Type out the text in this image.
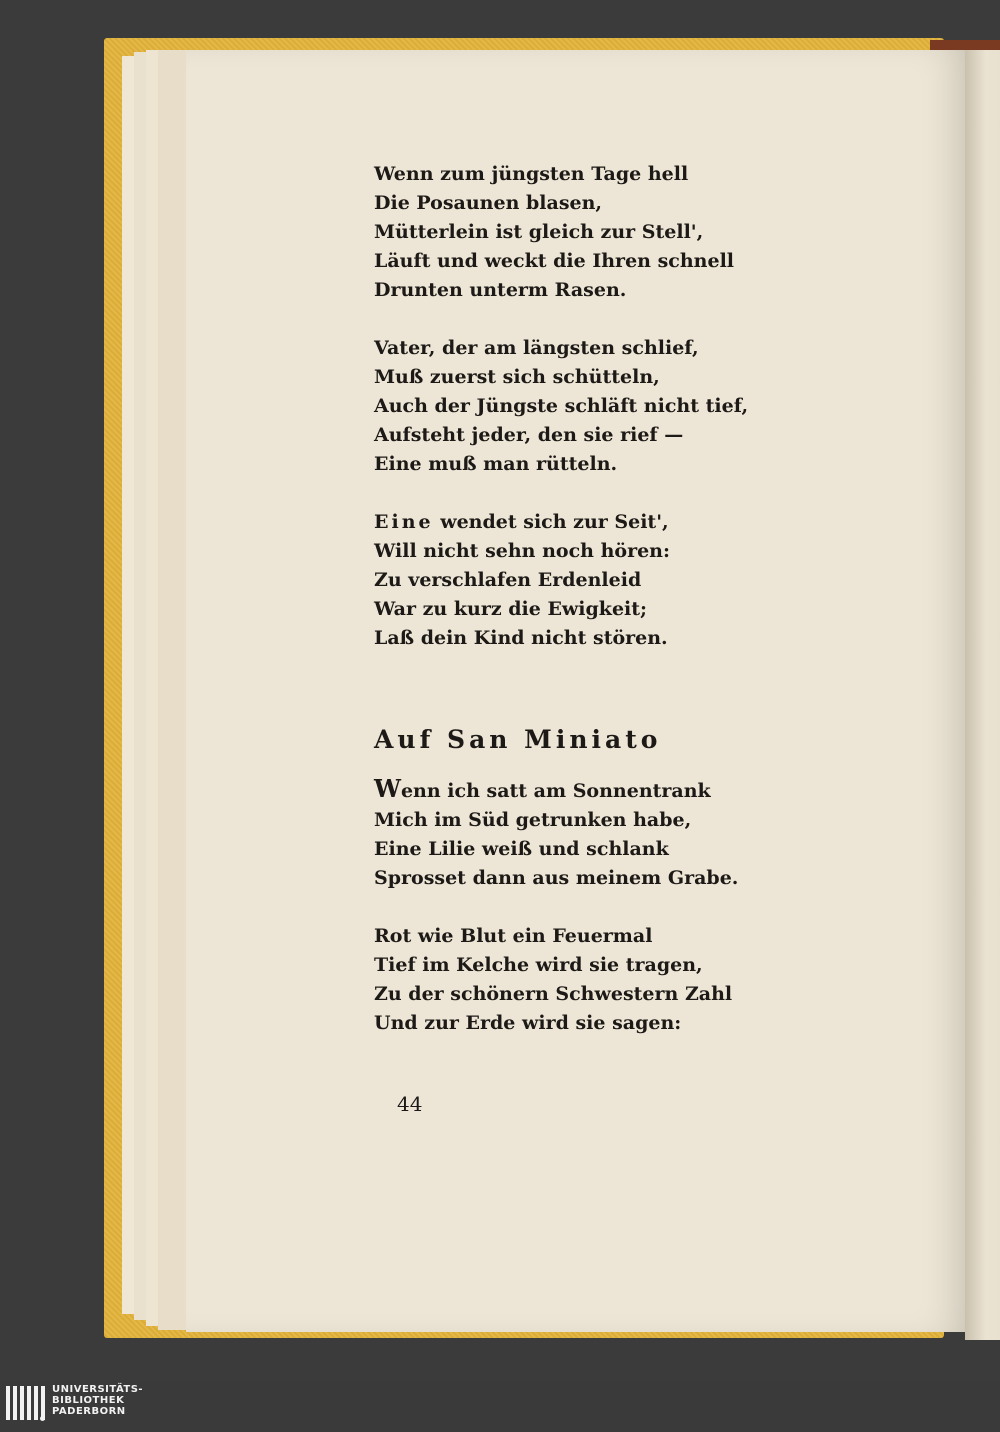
Wenn zum jüngsten Tage hell
Die Posaunen blasen,
Mütterlein ist gleich zur Stell',
Läuft und weckt die Ihren schnell
Drunten unterm Rasen.
Vater, der am längsten schlief,
Muß zuerst sich schütteln,
Auch der Jüngste schläft nicht tief,
Aufsteht jeder, den sie rief —
Eine muß man rütteln.
Eine wendet sich zur Seit',
Will nicht sehn noch hören:
Zu verschlafen Erdenleid
War zu kurz die Ewigkeit;
Laß dein Kind nicht stören.
Auf San Miniato
Wenn ich satt am Sonnentrank
Mich im Süd getrunken habe,
Eine Lilie weiß und schlank
Sprosset dann aus meinem Grabe.
Rot wie Blut ein Feuermal
Tief im Kelche wird sie tragen,
Zu der schönern Schwestern Zahl
Und zur Erde wird sie sagen:
44
UNIVERSITÄTS-
BIBLIOTHEK
PADERBORN
